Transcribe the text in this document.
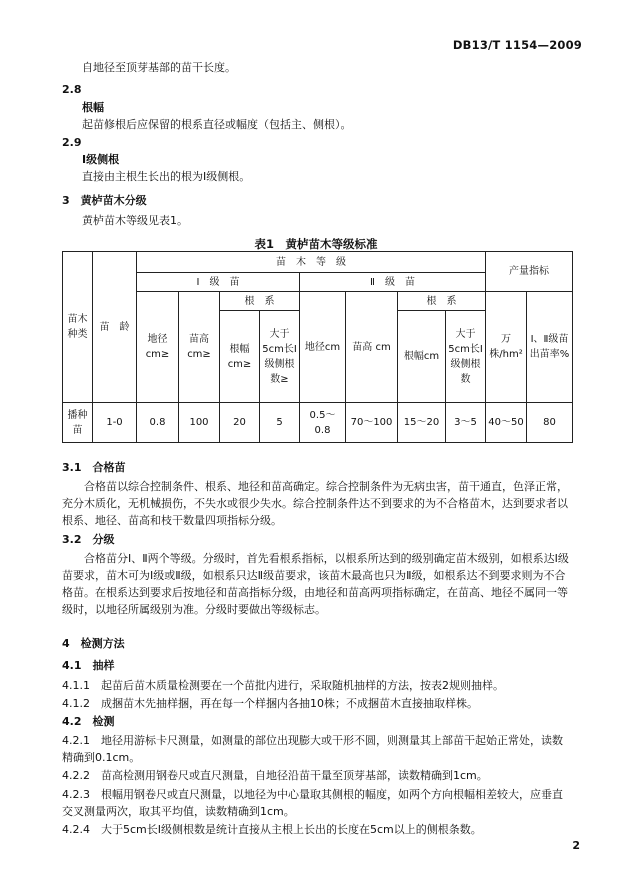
DB13/T 1154—2009
自地径至顶芽基部的苗干长度。
2.8
根幅
起苗修根后应保留的根系直径或幅度（包括主、侧根）。
2.9
Ⅰ级侧根
直接由主根生长出的根为Ⅰ级侧根。
3　黄栌苗木分级
黄栌苗木等级见表1。
表1　黄栌苗木等级标准
苗木种类	苗　龄	苗　木　等　级								产量指标	
		Ⅰ　级　苗				Ⅱ　级　苗					
		地径cm≥	苗高cm≥	根　系		地径cm	苗高 cm	根　系		万株/hm²	Ⅰ、Ⅱ级苗出苗率%
				根幅cm≥	大于5cm长Ⅰ级侧根数≥			根幅cm	大于5cm长Ⅰ级侧根数		

播种苗	1-0	0.8	100	20	5	0.5～0.8	70～100	15～20	3～5	40～50	80
3.1　合格苗
合格苗以综合控制条件、根系、地径和苗高确定。综合控制条件为无病虫害，苗干通直，色泽正常，充分木质化，无机械损伤，不失水或很少失水。综合控制条件达不到要求的为不合格苗木，达到要求者以根系、地径、苗高和枝干数量四项指标分级。
3.2　分级
合格苗分Ⅰ、Ⅱ两个等级。分级时，首先看根系指标，以根系所达到的级别确定苗木级别，如根系达Ⅰ级苗要求，苗木可为Ⅰ级或Ⅱ级，如根系只达Ⅱ级苗要求，该苗木最高也只为Ⅱ级，如根系达不到要求则为不合格苗。在根系达到要求后按地径和苗高指标分级，由地径和苗高两项指标确定，在苗高、地径不属同一等级时，以地径所属级别为准。分级时要做出等级标志。
4　检测方法
4.1　抽样
4.1.1　起苗后苗木质量检测要在一个苗批内进行，采取随机抽样的方法，按表2规则抽样。
4.1.2　成捆苗木先抽样捆，再在每一个样捆内各抽10株；不成捆苗木直接抽取样株。
4.2　检测
4.2.1　地径用游标卡尺测量，如测量的部位出现膨大或干形不圆，则测量其上部苗干起始正常处，读数精确到0.1cm。
4.2.2　苗高检测用钢卷尺或直尺测量，自地径沿苗干量至顶芽基部，读数精确到1cm。
4.2.3　根幅用钢卷尺或直尺测量，以地径为中心量取其侧根的幅度，如两个方向根幅相差较大，应垂直交叉测量两次，取其平均值，读数精确到1cm。
4.2.4　大于5cm长Ⅰ级侧根数是统计直接从主根上长出的长度在5cm以上的侧根条数。
2
